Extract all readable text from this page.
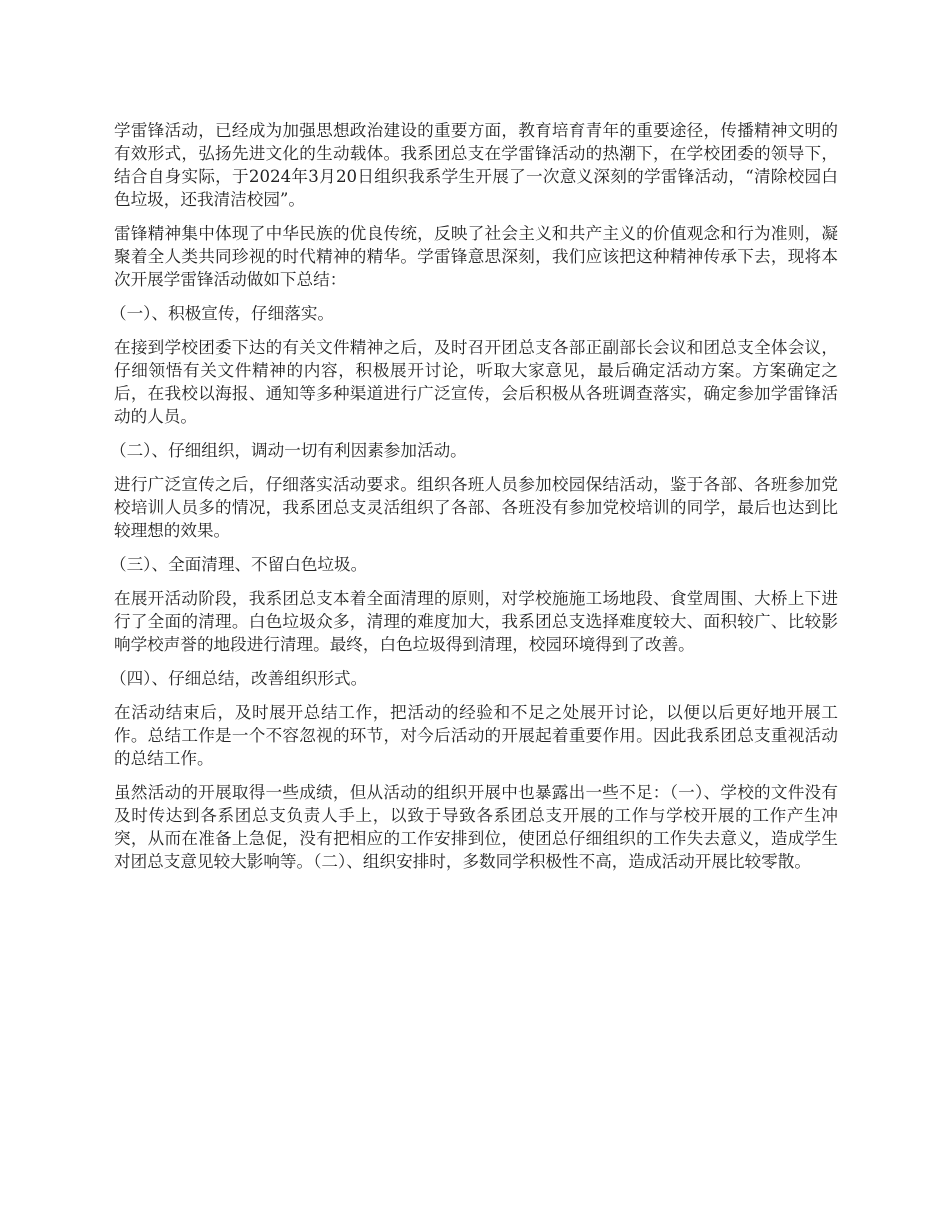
学雷锋活动，已经成为加强思想政治建设的重要方面，教育培育青年的重要途径，传播精神文明的有效形式，弘扬先进文化的生动载体。我系团总支在学雷锋活动的热潮下，在学校团委的领导下，结合自身实际，于2024年3月20日组织我系学生开展了一次意义深刻的学雷锋活动，“清除校园白色垃圾，还我清洁校园”。

雷锋精神集中体现了中华民族的优良传统，反映了社会主义和共产主义的价值观念和行为准则，凝聚着全人类共同珍视的时代精神的精华。学雷锋意思深刻，我们应该把这种精神传承下去，现将本次开展学雷锋活动做如下总结：

（一）、积极宣传，仔细落实。

在接到学校团委下达的有关文件精神之后，及时召开团总支各部正副部长会议和团总支全体会议，仔细领悟有关文件精神的内容，积极展开讨论，听取大家意见，最后确定活动方案。方案确定之后，在我校以海报、通知等多种渠道进行广泛宣传，会后积极从各班调查落实，确定参加学雷锋活动的人员。

（二）、仔细组织，调动一切有利因素参加活动。

进行广泛宣传之后，仔细落实活动要求。组织各班人员参加校园保结活动，鉴于各部、各班参加党校培训人员多的情况，我系团总支灵活组织了各部、各班没有参加党校培训的同学，最后也达到比较理想的效果。

（三）、全面清理、不留白色垃圾。

在展开活动阶段，我系团总支本着全面清理的原则，对学校施施工场地段、食堂周围、大桥上下进行了全面的清理。白色垃圾众多，清理的难度加大，我系团总支选择难度较大、面积较广、比较影响学校声誉的地段进行清理。最终，白色垃圾得到清理，校园环境得到了改善。

（四）、仔细总结，改善组织形式。

在活动结束后，及时展开总结工作，把活动的经验和不足之处展开讨论，以便以后更好地开展工作。总结工作是一个不容忽视的环节，对今后活动的开展起着重要作用。因此我系团总支重视活动的总结工作。

虽然活动的开展取得一些成绩，但从活动的组织开展中也暴露出一些不足：（一）、学校的文件没有及时传达到各系团总支负责人手上，以致于导致各系团总支开展的工作与学校开展的工作产生冲突，从而在准备上急促，没有把相应的工作安排到位，使团总仔细组织的工作失去意义，造成学生对团总支意见较大影响等。（二）、组织安排时，多数同学积极性不高，造成活动开展比较零散。
